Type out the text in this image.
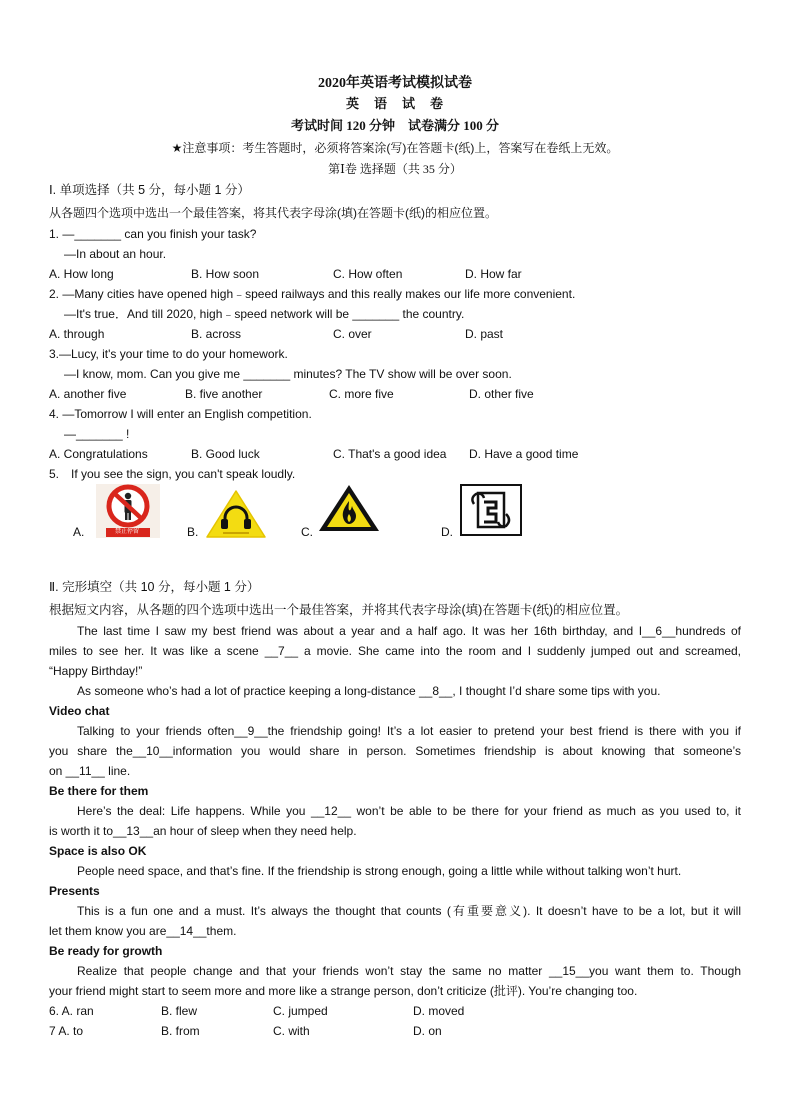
2020年英语考试模拟试卷
英　语　试　卷
考试时间 120 分钟　试卷满分 100 分
★注意事项：考生答题时，必须将答案涂(写)在答题卡(纸)上，答案写在卷纸上无效。
第Ⅰ卷 选择题（共 35 分）
Ⅰ. 单项选择（共 5 分，每小题 1 分）
从各题四个选项中选出一个最佳答案，将其代表字母涂(填)在答题卡(纸)的相应位置。
1. —_______ can you finish your task?
—In about an hour.
A. How long	B. How soon	C. How often	D. How far
2. —Many cities have opened high﹣speed railways and this really makes our life more convenient.
—It's true．And till 2020, high﹣speed network will be _______ the country.
A. through	B. across	C. over	D. past
3.—Lucy, it's your time to do your homework.
—I know, mom. Can you give me _______ minutes? The TV show will be over soon.
A. another five	B. five another	C. more five	D. other five
4. —Tomorrow I will enter an English competition.
—_______ !
A. Congratulations	B. Good luck	C. That's a good idea D. Have a good time
5.　If you see the sign, you can't speak loudly.
A.	禁止停留	B.	C.	D.
Ⅱ. 完形填空（共 10 分，每小题 1 分）
根据短文内容，从各题的四个选项中选出一个最佳答案，并将其代表字母涂(填)在答题卡(纸)的相应位置。
The last time I saw my best friend was about a year and a half ago. It was her 16th birthday, and I__6__hundreds of
miles to see her. It was like a scene __7__ a movie. She came into the room and I suddenly jumped out and screamed,
“Happy Birthday!”
As someone who’s had a lot of practice keeping a long-distance __8__, I thought I’d share some tips with you.
Video chat
Talking to your friends often__9__the friendship going! It’s a lot easier to pretend your best friend is there with you if
you share the__10__information you would share in person. Sometimes friendship is about knowing that someone’s
on __11__ line.
Be there for them
Here’s the deal: Life happens. While you __12__ won’t be able to be there for your friend as much as you used to, it
is worth it to__13__an hour of sleep when they need help.
Space is also OK
People need space, and that’s fine. If the friendship is strong enough, going a little while without talking won’t hurt.
Presents
This is a fun one and a must. It’s always the thought that counts (有重要意义). It doesn’t have to be a lot, but it will
let them know you are__14__them.
Be ready for growth
Realize that people change and that your friends won’t stay the same no matter __15__you want them to. Though
your friend might start to seem more and more like a strange person, don’t criticize (批评). You’re changing too.
6. A. ran	B. flew	C. jumped	D. moved
7 A. to	B. from	C. with	D. on
